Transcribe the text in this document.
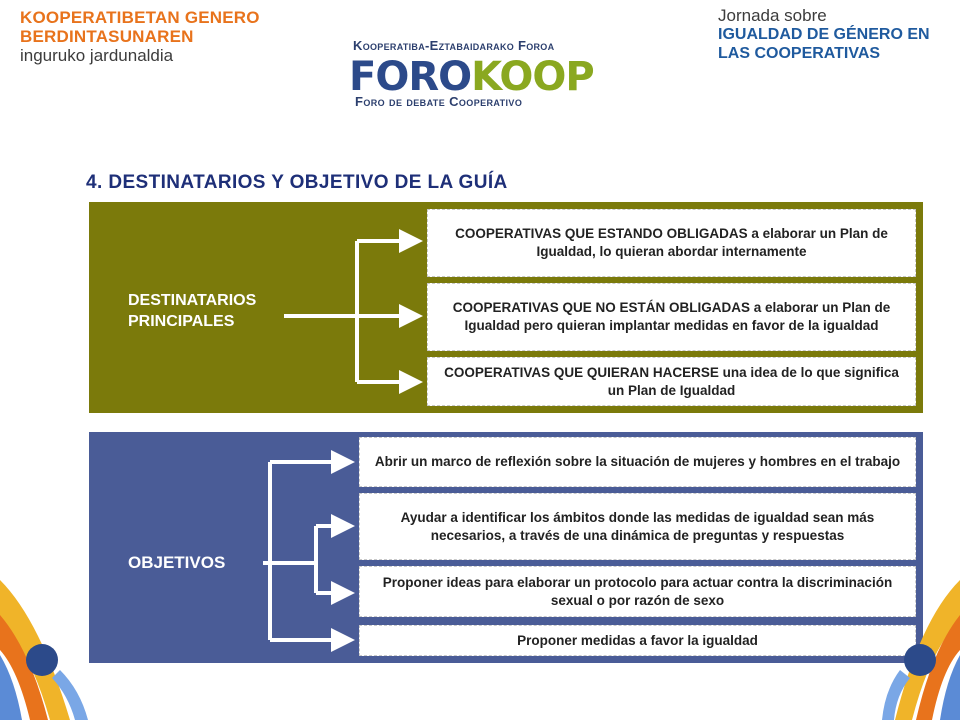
KOOPERATIBETAN GENERO
BERDINTASUNAREN
inguruko jardunaldia
Jornada sobre
IGUALDAD DE GÉNERO EN
LAS COOPERATIVAS
Kooperatiba-Eztabaidarako Foroa
FOROKOOP
Foro de debate Cooperativo
4. DESTINATARIOS Y OBJETIVO DE LA GUÍA
DESTINATARIOS
PRINCIPALES
COOPERATIVAS QUE ESTANDO OBLIGADAS a elaborar un Plan de Igualdad, lo quieran abordar internamente
COOPERATIVAS QUE NO ESTÁN OBLIGADAS a elaborar un Plan de Igualdad pero quieran implantar medidas en favor de la igualdad
COOPERATIVAS QUE QUIERAN HACERSE una idea de lo que significa un Plan de Igualdad
OBJETIVOS
Abrir un marco de reflexión sobre la situación de mujeres y hombres en el trabajo
Ayudar a identificar los ámbitos donde las medidas de igualdad sean más necesarios, a través de una dinámica de preguntas y respuestas
Proponer ideas para elaborar un protocolo para actuar contra la discriminación sexual o por razón de sexo
Proponer medidas a favor la igualdad
